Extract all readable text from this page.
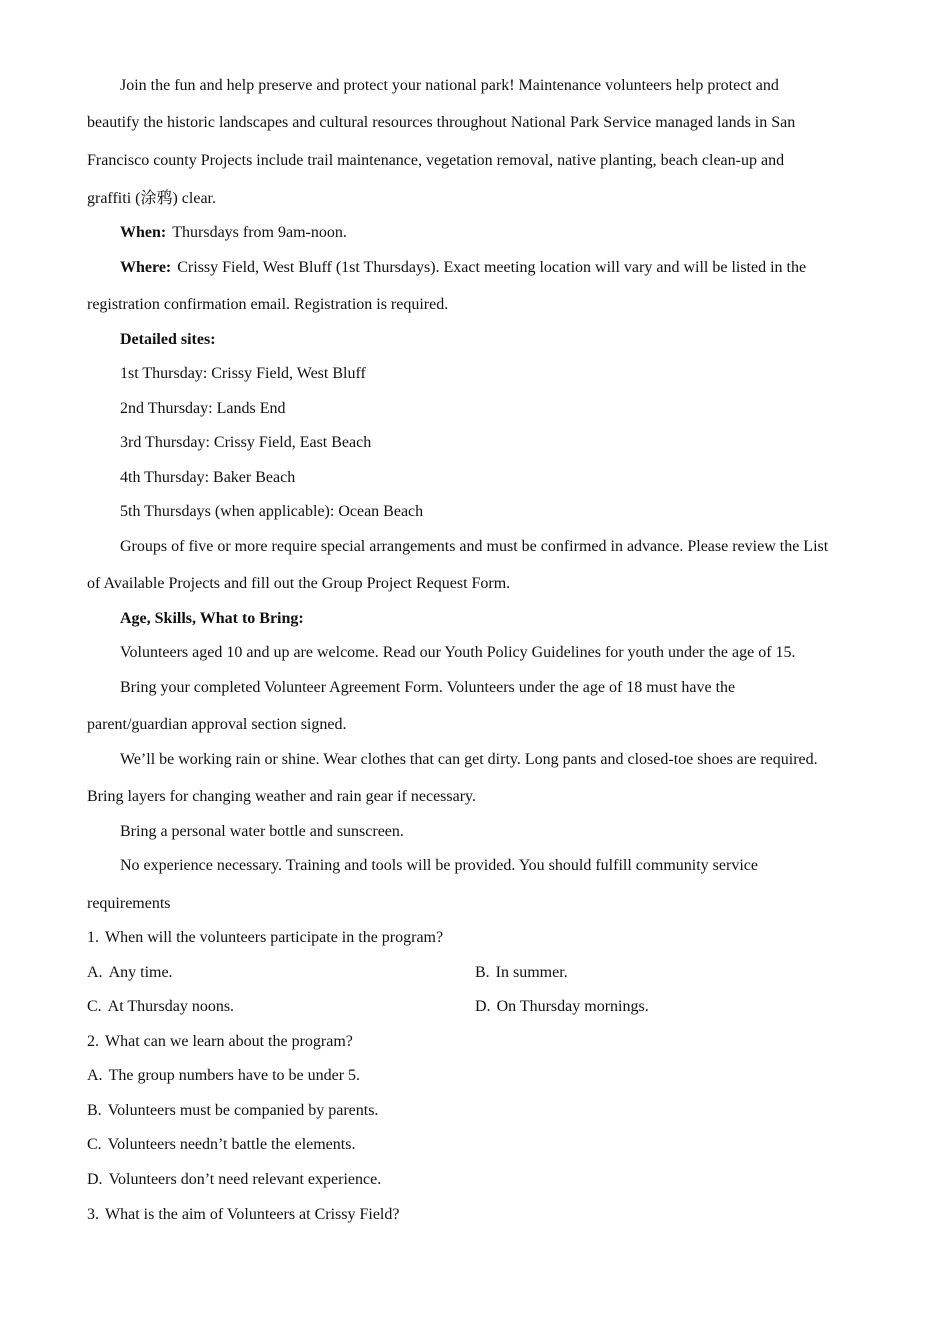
Join the fun and help preserve and protect your national park! Maintenance volunteers help protect and
beautify the historic landscapes and cultural resources throughout National Park Service managed lands in San
Francisco county Projects include trail maintenance, vegetation removal, native planting, beach clean-up and
graffiti (涂鸦) clear.
When: Thursdays from 9am-noon.
Where: Crissy Field, West Bluff (1st Thursdays). Exact meeting location will vary and will be listed in the
registration confirmation email. Registration is required.
Detailed sites:
1st Thursday: Crissy Field, West Bluff
2nd Thursday: Lands End
3rd Thursday: Crissy Field, East Beach
4th Thursday: Baker Beach
5th Thursdays (when applicable): Ocean Beach
Groups of five or more require special arrangements and must be confirmed in advance. Please review the List
of Available Projects and fill out the Group Project Request Form.
Age, Skills, What to Bring:
Volunteers aged 10 and up are welcome. Read our Youth Policy Guidelines for youth under the age of 15.
Bring your completed Volunteer Agreement Form. Volunteers under the age of 18 must have the
parent/guardian approval section signed.
We’ll be working rain or shine. Wear clothes that can get dirty. Long pants and closed-toe shoes are required.
Bring layers for changing weather and rain gear if necessary.
Bring a personal water bottle and sunscreen.
No experience necessary. Training and tools will be provided. You should fulfill community service
requirements
1. When will the volunteers participate in the program?
A. Any time.	B. In summer.
C. At Thursday noons.	D. On Thursday mornings.
2. What can we learn about the program?
A. The group numbers have to be under 5.
B. Volunteers must be companied by parents.
C. Volunteers needn’t battle the elements.
D. Volunteers don’t need relevant experience.
3. What is the aim of Volunteers at Crissy Field?
